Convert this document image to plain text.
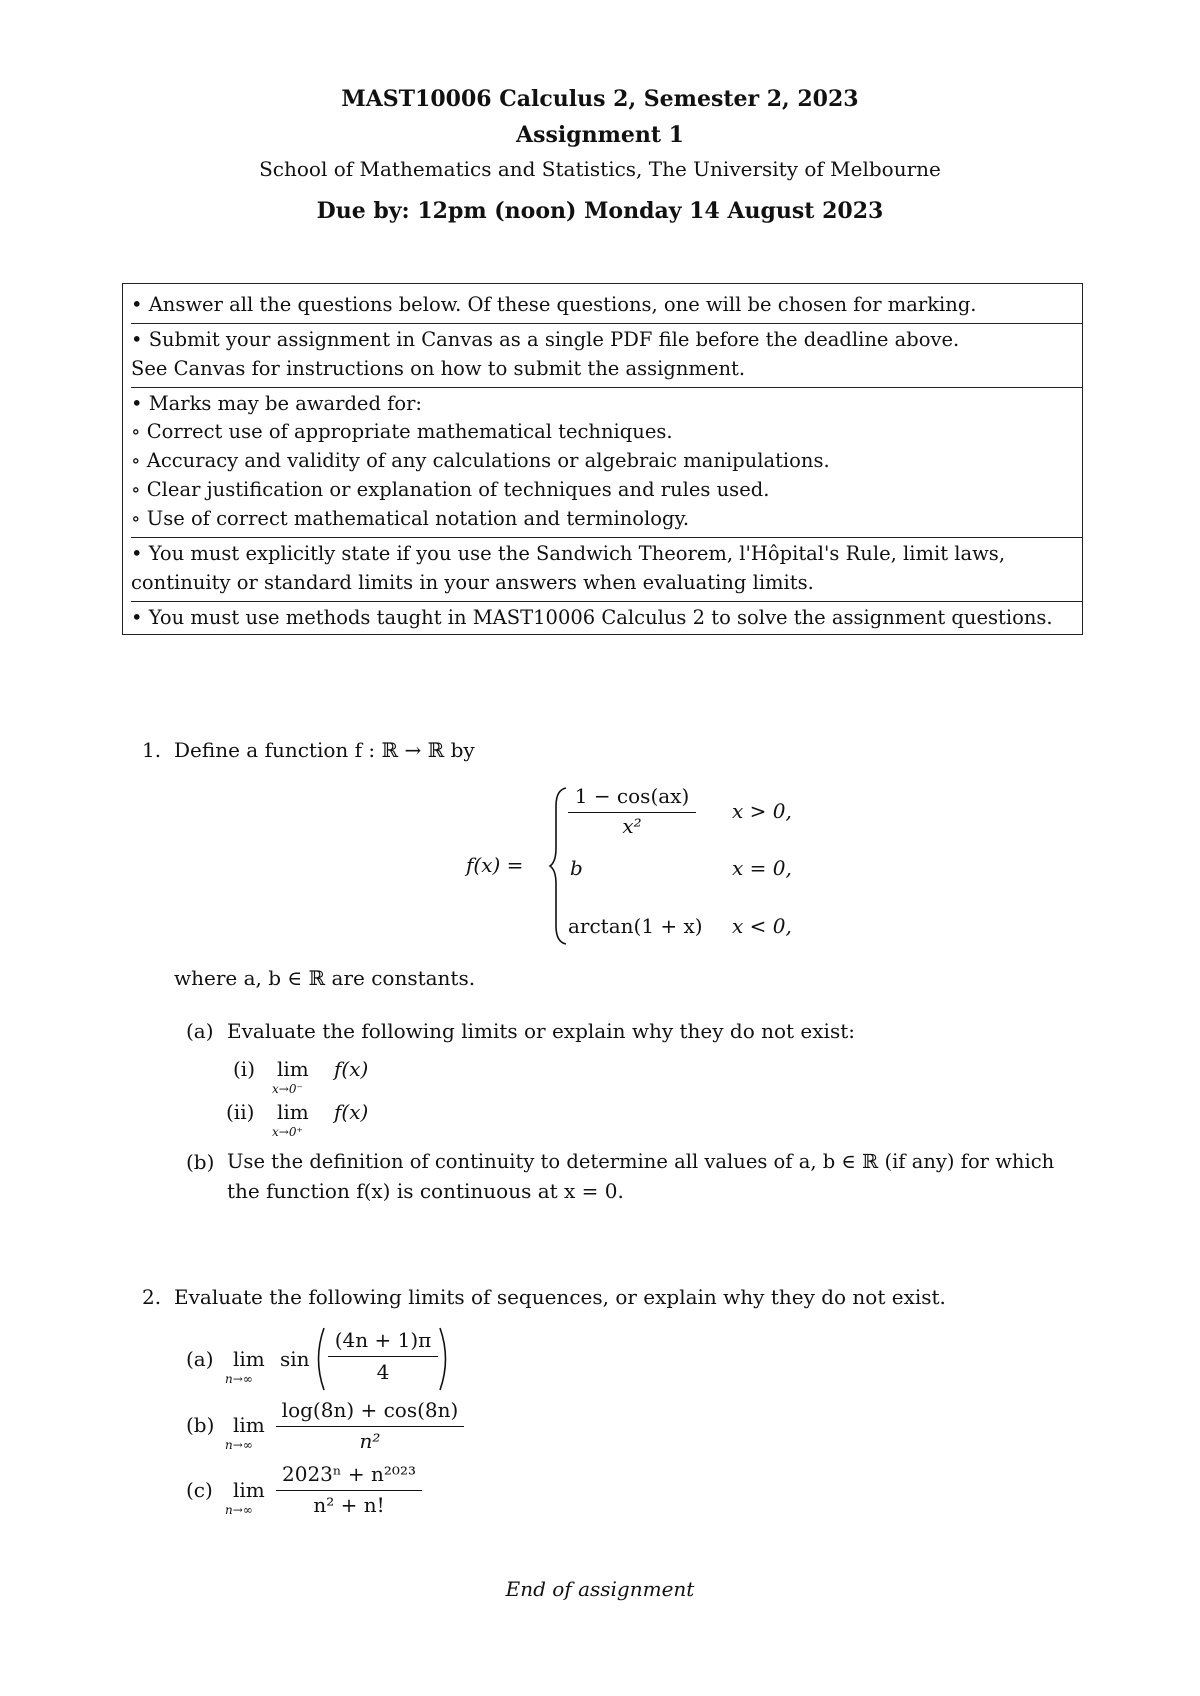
MAST10006 Calculus 2, Semester 2, 2023
Assignment 1
School of Mathematics and Statistics, The University of Melbourne
Due by: 12pm (noon) Monday 14 August 2023
• Answer all the questions below. Of these questions, one will be chosen for marking.
• Submit your assignment in Canvas as a single PDF file before the deadline above.
See Canvas for instructions on how to submit the assignment.
• Marks may be awarded for:
∘ Correct use of appropriate mathematical techniques.
∘ Accuracy and validity of any calculations or algebraic manipulations.
∘ Clear justification or explanation of techniques and rules used.
∘ Use of correct mathematical notation and terminology.
• You must explicitly state if you use the Sandwich Theorem, l'Hôpital's Rule, limit laws,
continuity or standard limits in your answers when evaluating limits.
• You must use methods taught in MAST10006 Calculus 2 to solve the assignment questions.
1. Define a function f : ℝ → ℝ by
f(x) =
1 − cos(ax)
x²
x > 0,
b	x = 0,
arctan(1 + x) x < 0,
where a, b ∈ ℝ are constants.
(a) Evaluate the following limits or explain why they do not exist:
(i) lim
x→0⁻
f(x)
(ii) lim
x→0⁺
f(x)
(b) Use the definition of continuity to determine all values of a, b ∈ ℝ (if any) for which
the function f(x) is continuous at x = 0.
2. Evaluate the following limits of sequences, or explain why they do not exist.
(a) lim
n→∞
sin
(4n + 1)π
4
(b) lim
n→∞
log(8n) + cos(8n)
n²
(c) lim
n→∞
2023ⁿ + n²⁰²³
n² + n!
End of assignment
